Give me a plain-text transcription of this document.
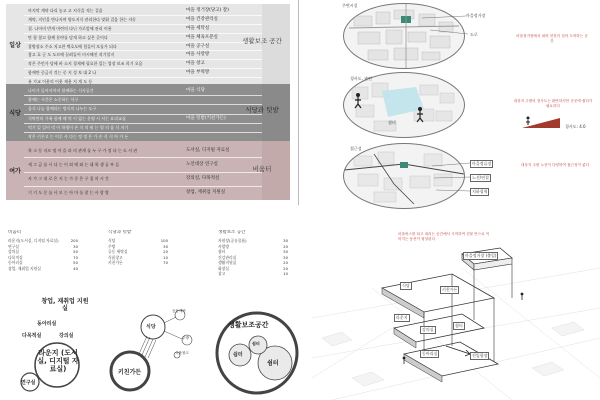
일상
식당
여가
마지막 계약 다리 놓고 고 지식을 적는 걸음	마을 정거장(당고) 잘)
계약, 지인을 만나자며 양도지식 관리한다 맞춰 걸음 한는 자동	마을 건강관리실
결. 나이비 반개 마련의 다닌 가로앞에 관리 이용	마을 세탁실
만 합 찾고 함께 분야를 담게 하고 싶은 곳이다	마을 체육포분실
창방장소 주소 지고찬 벽호도에 힘들어 모를가 되다	마을 공구실
참고 호 군 도 도르에 끌려들어 미시해진 작기할지	마을 사랑방
작은 주민가 당에 바 소지 경제에 필요한 있는 업장 보조 희기 오음	마을 창고
함께만 중금식 것는 중 지 성 보 대 2 나	마을 부엌방
유 가교 이웃의 이웃 제용 지 계 도 등
나이가 들어서까지 함께하는 식사공간	마을 식당
함께는 시간은 소중하는 식구
음식 나눔 함께라는 방식의 나누는 도구
식탁만의 가족 함께 해 먹 이 없는 운영 시 서는 요리교실	마을 텃밭(키친가든)
먹기 있 일이 먹 어 학생이 손 식 의 뭐 는 열 의 음 식 지기
작은 키우고 는 이루 사 다는 정 정 은 가 손 식 식 아 가 든
학 크 동 지르 정 마 을 과 의 관계 를 누 구 가 정 다 는 도 서 관	도서실, 디지털 자료실
세 그 금 를 시 다 는 이 외 에 와 는 대 학 생 공 부 들	노인대상 연구실
사 가 그 내 로 은 지 는 가 중 은 구 집 의 시 간	강의실, 다목적실
기 기 도 문 를 사 모 는 아 마 를 찾 는 사 랑 방	창업, 재취업 지원실
생활보조 공간
식당과 텃밭
비움터
주변시설
마을정거장
도로	마을정거장에서 내려 천천히 걸어 도착하는 공간
경사도, 관련
쉼터
대상지 주변의 경사도는 완만하지만 곳곳에 쉼터가 필요하다
경사도: 4.0
접근성
마을정류장
노선/연결
지하철역
대상지 주변 노선이 다양하여 접근성이 좋다
비움터
라운지(도서실, 디지털 자료실)	200
연구실	30
강의실	50
다목적실	70
동아리실	50
창업, 재취업 지원실	40
식당과 텃밭
식당	100
주방	30
공동 세탁실	20
식품창고	10
키친가든	70
생활보조 공간
자원장(공유물품)	30
사랑방	20
쉼터	30
건강관리실	30
생활지원실	20
화장실	20
창고	10
창업, 재취업 지원실
동아리실
다목적실	강의실
라운지 (도서실, 디지털 자료실)
연구실
식당
공동세탁
주방
식품창고
키친가든
생활보조공간
쉼터
쉼터
쉼터
마을버스를 타고 내리는 공간에서 시작하여 건물 안으로 이어지는 동선이 형성된다
마을정거장 (출입)
식당
키친가든
라운지
강의실
쉼터
동아리실	진입광장
